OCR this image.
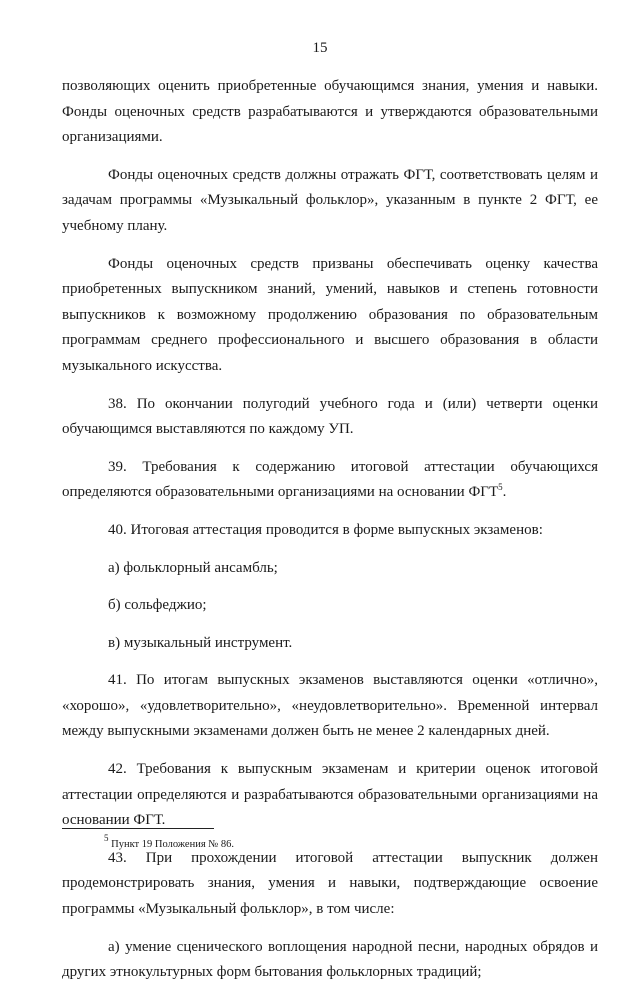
15

позволяющих оценить приобретенные обучающимся знания, умения и навыки. Фонды оценочных средств разрабатываются и утверждаются образовательными организациями.

Фонды оценочных средств должны отражать ФГТ, соответствовать целям и задачам программы «Музыкальный фольклор», указанным в пункте 2 ФГТ, ее учебному плану.

Фонды оценочных средств призваны обеспечивать оценку качества приобретенных выпускником знаний, умений, навыков и степень готовности выпускников к возможному продолжению образования по образовательным программам среднего профессионального и высшего образования в области музыкального искусства.

38. По окончании полугодий учебного года и (или) четверти оценки обучающимся выставляются по каждому УП.

39. Требования к содержанию итоговой аттестации обучающихся определяются образовательными организациями на основании ФГТ$^5$.

40. Итоговая аттестация проводится в форме выпускных экзаменов:

а) фольклорный ансамбль;

б) сольфеджио;

в) музыкальный инструмент.

41. По итогам выпускных экзаменов выставляются оценки «отлично», «хорошо», «удовлетворительно», «неудовлетворительно». Временной интервал между выпускными экзаменами должен быть не менее 2 календарных дней.

42. Требования к выпускным экзаменам и критерии оценок итоговой аттестации определяются и разрабатываются образовательными организациями на основании ФГТ.

43. При прохождении итоговой аттестации выпускник должен продемонстрировать знания, умения и навыки, подтверждающие освоение программы «Музыкальный фольклор», в том числе:

а) умение сценического воплощения народной песни, народных обрядов и других этнокультурных форм бытования фольклорных традиций;

$^5$ Пункт 19 Положения № 86.
